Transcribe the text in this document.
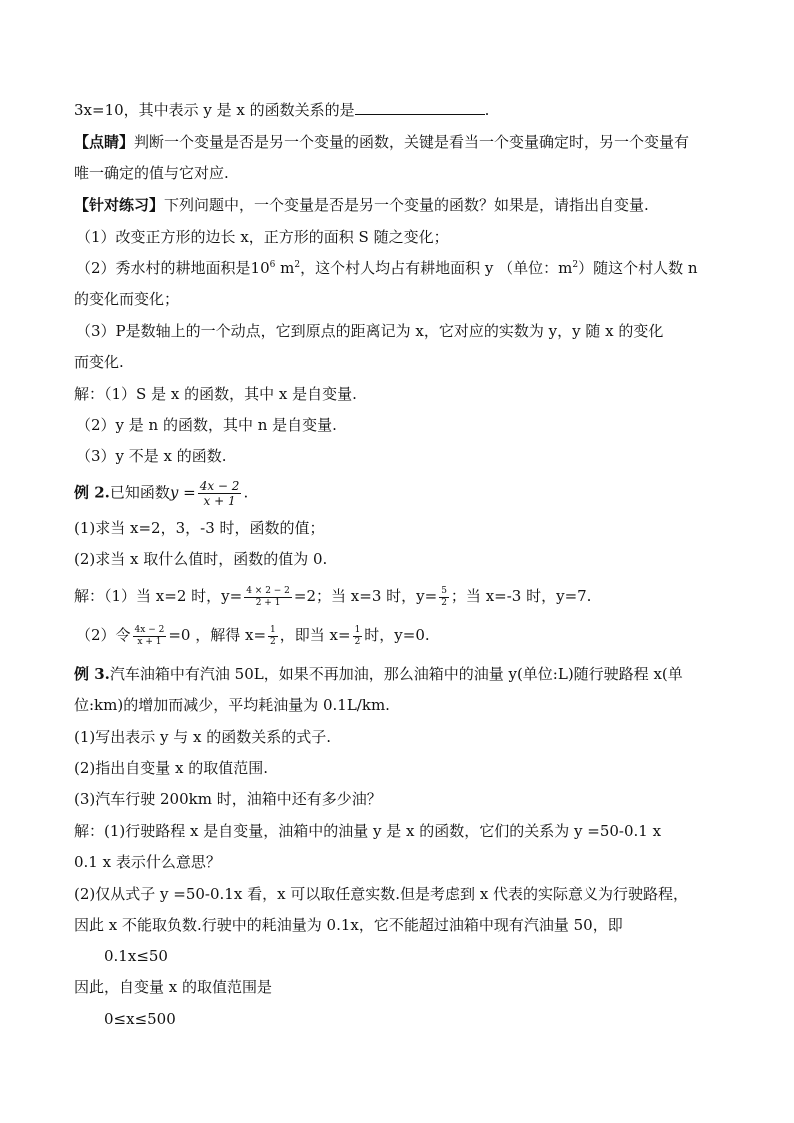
3x=10，其中表示 y 是 x 的函数关系的是	.
【点睛】判断一个变量是否是另一个变量的函数，关键是看当一个变量确定时，另一个变量有
唯一确定的值与它对应.
【针对练习】下列问题中，一个变量是否是另一个变量的函数？如果是，请指出自变量.
（1）改变正方形的边长 x，正方形的面积 S 随之变化；
（2）秀水村的耕地面积是$10^6$ $m^2$，这个村人均占有耕地面积 y （单位：$m^2$）随这个村人数 n
的变化而变化；
（3）P是数轴上的一个动点，它到原点的距离记为 x，它对应的实数为 y，y 随 x 的变化
而变化.
解：（1）S 是 x 的函数，其中 x 是自变量.
（2）y 是 n 的函数，其中 n 是自变量.
（3）y 不是 x 的函数.
例 2.已知函数$y = \frac{4x - 2}{x + 1}$ .
(1)求当 x=2，3，-3 时，函数的值；
(2)求当 x 取什么值时，函数的值为 0.
解：（1）当 x=2 时，$y= \frac{4 \times 2 - 2}{2 + 1} =2$；当 x=3 时，$y= \frac{5}{2}$ ；当 x=-3 时，y=7.
（2）令 $\frac{4x - 2}{x + 1} =0$ ，解得 $x= \frac{1}{2}$ ，即当 $x= \frac{1}{2}$ 时，y=0.
例 3.汽车油箱中有汽油 50L，如果不再加油，那么油箱中的油量 y(单位:L)随行驶路程 x(单
位:km)的增加而减少，平均耗油量为 0.1L/km.
(1)写出表示 y 与 x 的函数关系的式子.
(2)指出自变量 x 的取值范围.
(3)汽车行驶 200km 时，油箱中还有多少油？
解：(1)行驶路程 x 是自变量，油箱中的油量 y 是 x 的函数，它们的关系为 y =50-0.1 x
0.1 x 表示什么意思？
(2)仅从式子 y =50-0.1x 看，x 可以取任意实数.但是考虑到 x 代表的实际意义为行驶路程，
因此 x 不能取负数.行驶中的耗油量为 0.1x，它不能超过油箱中现有汽油量 50，即
0.1x≤50
因此，自变量 x 的取值范围是
0≤x≤500
